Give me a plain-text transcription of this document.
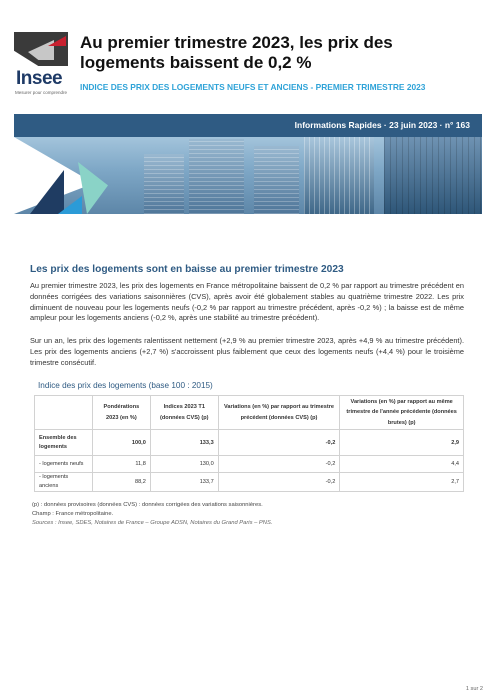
Insee
Mesurer pour comprendre
Au premier trimestre 2023, les prix des logements baissent de 0,2 %
INDICE DES PRIX DES LOGEMENTS NEUFS ET ANCIENS - PREMIER TRIMESTRE 2023
Informations Rapides · 23 juin 2023 · n° 163
Les prix des logements sont en baisse au premier trimestre 2023

Au premier trimestre 2023, les prix des logements en France métropolitaine baissent de 0,2 % par rapport au trimestre précédent en données corrigées des variations saisonnières (CVS), après avoir été globalement stables au quatrième trimestre 2022. Les prix diminuent de nouveau pour les logements neufs (-0,2 % par rapport au trimestre précédent, après -0,2 %) ; la baisse est de même ampleur pour les logements anciens (-0,2 %, après une stabilité au trimestre précédent).

Sur un an, les prix des logements ralentissent nettement (+2,9 % au premier trimestre 2023, après +4,9 % au trimestre précédent). Les prix des logements anciens (+2,7 %) s'accroissent plus faiblement que ceux des logements neufs (+4,4 %) pour le troisième trimestre consécutif.

Indice des prix des logements (base 100 : 2015)
	Pondérations 2023 (en %)	Indices 2023 T1 (données CVS) (p)	Variations (en %) par rapport au trimestre précédent (données CVS) (p)	Variations (en %) par rapport au même trimestre de l'année précédente (données brutes) (p)
Ensemble des logements	100,0	133,3	-0,2	2,9
- logements neufs	11,8	130,0	-0,2	4,4
- logements anciens	88,2	133,7	-0,2	2,7
(p) : données provisoires (données CVS) : données corrigées des variations saisonnières.
Champ : France métropolitaine.
Sources : Insee, SDES, Notaires de France – Groupe ADSN, Notaires du Grand Paris – PNS.
1 sur 2
